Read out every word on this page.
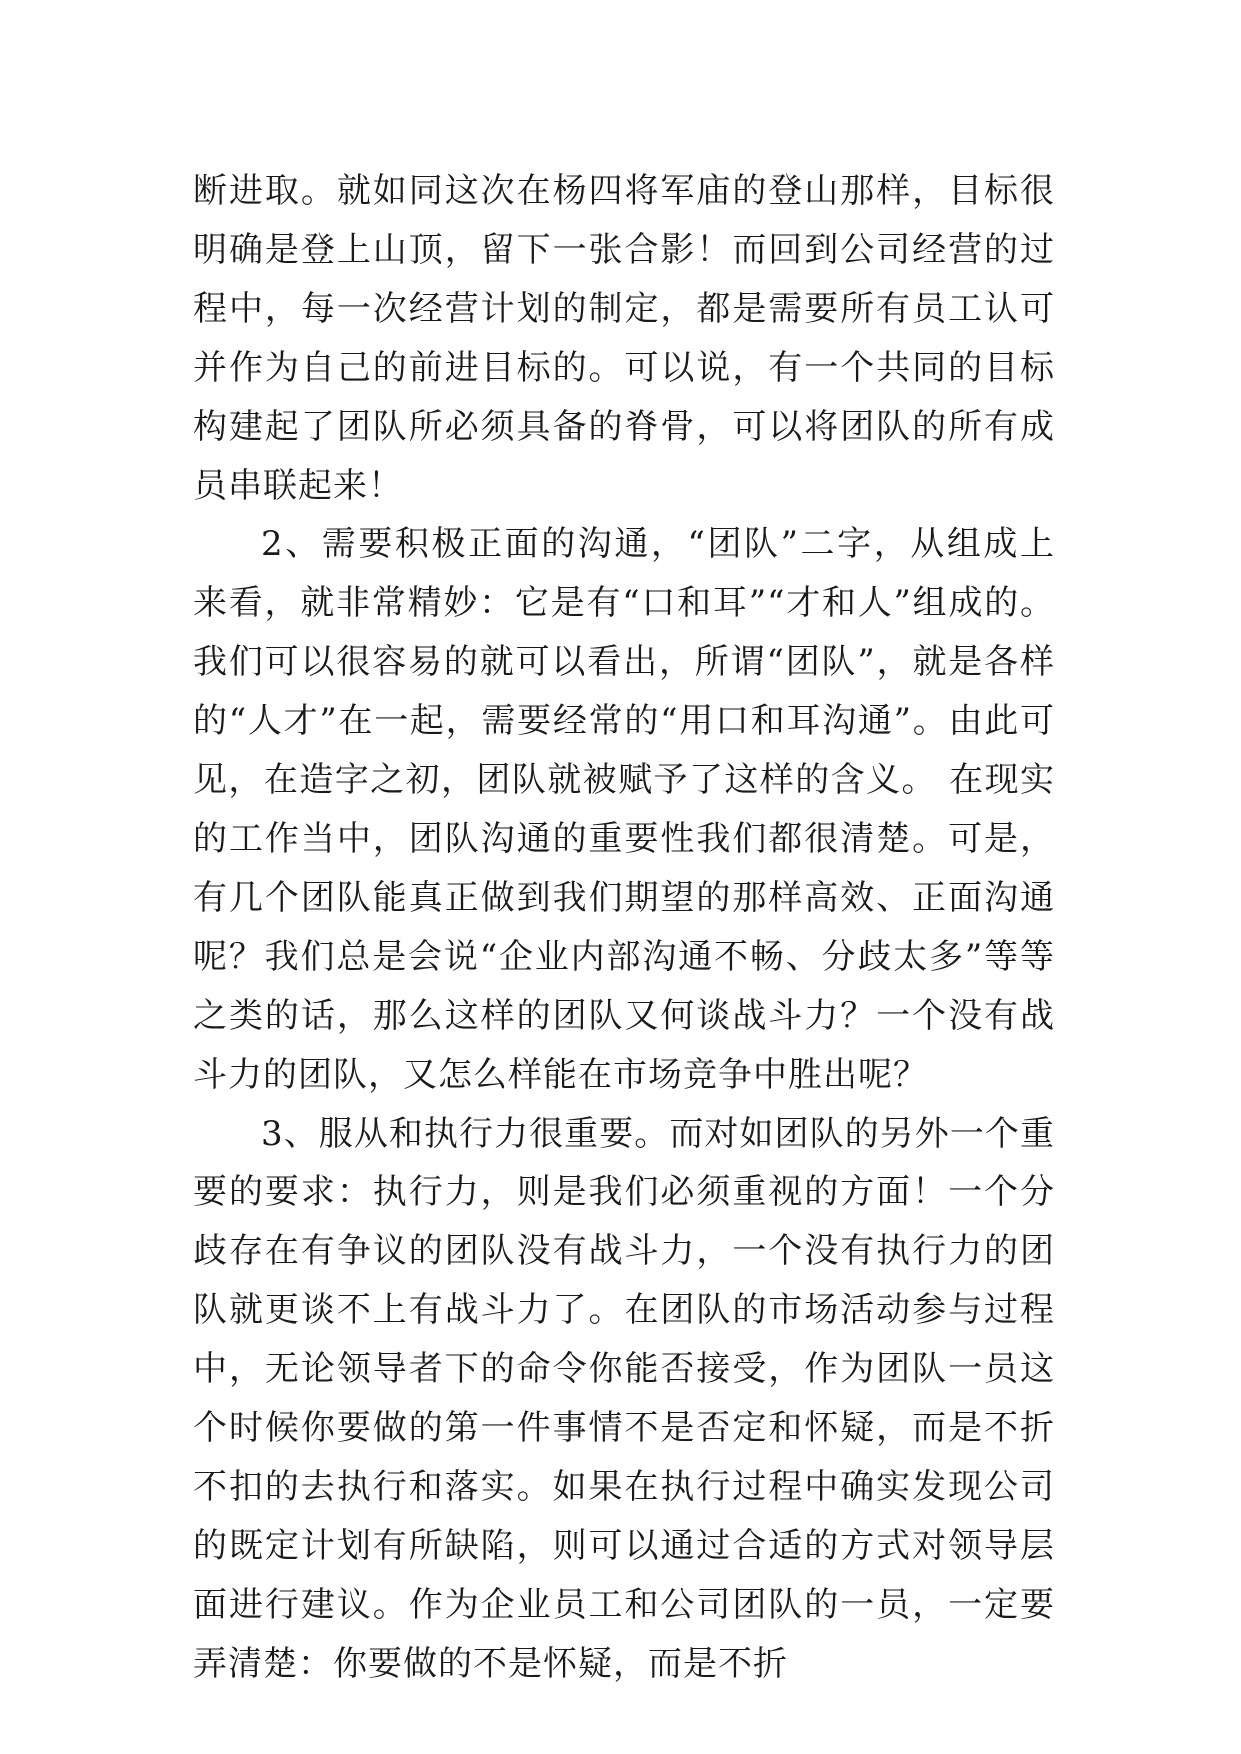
断进取。就如同这次在杨四将军庙的登山那样，目标很明确是登上山顶，留下一张合影！而回到公司经营的过程中，每一次经营计划的制定，都是需要所有员工认可并作为自己的前进目标的。可以说，有一个共同的目标构建起了团队所必须具备的脊骨，可以将团队的所有成员串联起来！

2、需要积极正面的沟通，“团队”二字，从组成上来看，就非常精妙：它是有“口和耳”“才和人”组成的。我们可以很容易的就可以看出，所谓“团队”，就是各样的“人才”在一起，需要经常的“用口和耳沟通”。由此可见，在造字之初，团队就被赋予了这样的含义。 在现实的工作当中，团队沟通的重要性我们都很清楚。可是，有几个团队能真正做到我们期望的那样高效、正面沟通呢？我们总是会说“企业内部沟通不畅、分歧太多”等等之类的话，那么这样的团队又何谈战斗力？一个没有战斗力的团队，又怎么样能在市场竞争中胜出呢？

3、服从和执行力很重要。而对如团队的另外一个重要的要求：执行力，则是我们必须重视的方面！一个分歧存在有争议的团队没有战斗力，一个没有执行力的团队就更谈不上有战斗力了。在团队的市场活动参与过程中，无论领导者下的命令你能否接受，作为团队一员这个时候你要做的第一件事情不是否定和怀疑，而是不折不扣的去执行和落实。如果在执行过程中确实发现公司的既定计划有所缺陷，则可以通过合适的方式对领导层面进行建议。作为企业员工和公司团队的一员，一定要弄清楚：你要做的不是怀疑，而是不折
